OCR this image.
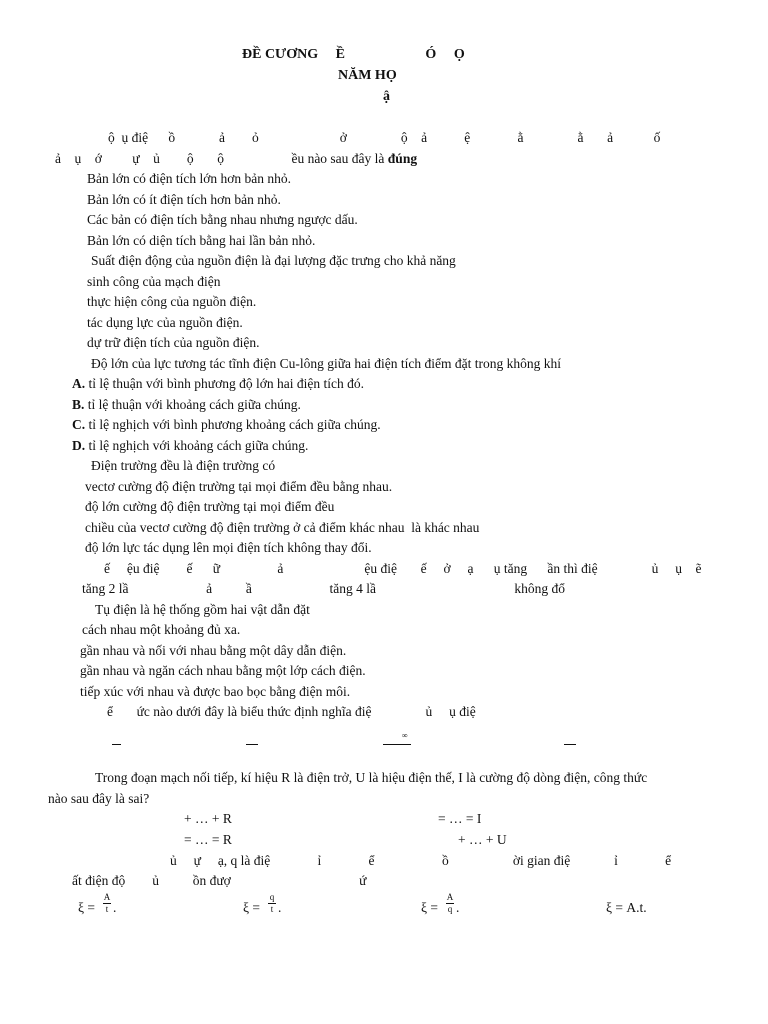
ĐỀ CƯƠNG     Ề                       Ó     Ọ
NĂM HỌ
ậ
ộ  ụ điệ      ồ             ả        ỏ                        ở                ộ    ả           ệ              ằ                ằ       ả            ố
ả    ụ    ớ         ự    ủ        ộ       ộ                    ều nào sau đây là đúng
Bản lớn có điện tích lớn hơn bản nhỏ.
Bản lớn có ít điện tích hơn bản nhỏ.
Các bản có điện tích bằng nhau nhưng ngược dấu.
Bản lớn có diện tích bằng hai lần bản nhỏ.
Suất điện động của nguồn điện là đại lượng đặc trưng cho khả năng
sinh công của mạch điện
thực hiện công của nguồn điện.
tác dụng lực của nguồn điện.
dự trữ điện tích của nguồn điện.
Độ lớn của lực tương tác tĩnh điện Cu-lông giữa hai điện tích điểm đặt trong không khí
A. tỉ lệ thuận với bình phương độ lớn hai điện tích đó.
B. tỉ lệ thuận với khoảng cách giữa chúng.
C. tỉ lệ nghịch với bình phương khoảng cách giữa chúng.
D. tỉ lệ nghịch với khoảng cách giữa chúng.
Điện trường đều là điện trường có
vectơ cường độ điện trường tại mọi điểm đều bằng nhau.
độ lớn cường độ điện trường tại mọi điểm đều
chiều của vectơ cường độ điện trường ở cả điểm khác nhau  là khác nhau
độ lớn lực tác dụng lên mọi điện tích không thay đổi.
ế     ệu điệ        ế      ữ                 ả                        ệu điệ       ế     ở     ạ      ụ tăng      ần thì điệ                ủ     ụ    ẽ
tăng 2 lầ                       ả          ầ                       tăng 4 lầ                                         không đổ
Tụ điện là hệ thống gồm hai vật dẫn đặt
cách nhau một khoảng đủ xa.
gần nhau và nối với nhau bằng một dây dẫn điện.
gần nhau và ngăn cách nhau bằng một lớp cách điện.
tiếp xúc với nhau và được bao bọc bằng điện môi.
ể       ức nào dưới đây là biểu thức định nghĩa điệ                ủ     ụ điệ
∞
Trong đoạn mạch nối tiếp, kí hiệu R là điện trở, U là hiệu điện thế, I là cường độ dòng điện, công thức
nào sau đây là sai?
+ … + R	= … = I
= … = R	+ … + U
ủ     ự     ạ, q là điệ              ỉ              ể                    ồ                   ời gian điệ             ỉ              ể
ất điện độ        ủ          ồn đượ                                      ứ
ξ =
A
t .	ξ =
q
t .	ξ =
A
q .	ξ = A.t.
